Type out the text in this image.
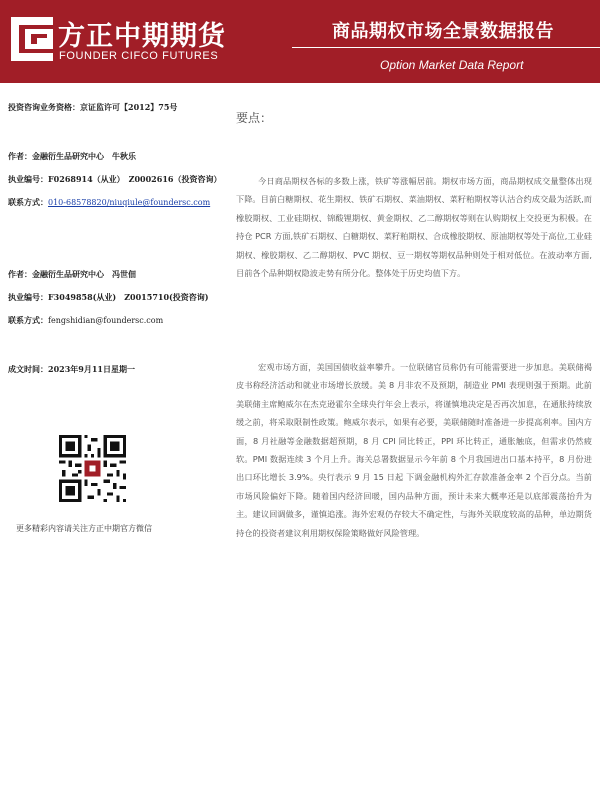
方正中期期货
FOUNDER CIFCO FUTURES
商品期权市场全景数据报告
Option Market Data Report
投资咨询业务资格：京证监许可【2012】75号
作者：金融衍生品研究中心　牛秋乐
执业编号：F0268914（从业）　Z0002616（投资咨询）
联系方式：010-68578820/niuqiule@foundersc.com
作者：金融衍生品研究中心　冯世佃
执业编号：F3049858(从业)　Z0015710(投资咨询)
联系方式：fengshidian@foundersc.com
成文时间：2023年9月11日星期一
更多精彩内容请关注方正中期官方微信
要点：

今日商品期权各标的多数上涨，铁矿等涨幅居前。期权市场方面，商品期权成交量整体出现下降。目前白糖期权、花生期权、铁矿石期权、菜油期权、菜籽粕期权等认沽合约成交最为活跃,而橡胶期权、工业硅期权、锦酸锂期权、黄金期权、乙二醇期权等则在认购期权上交投更为积极。在持仓 PCR 方面,铁矿石期权、白糖期权、菜籽粕期权、合成橡胶期权、原油期权等处于高位,工业硅期权、橡胶期权、乙二醇期权、PVC 期权、豆一期权等期权品种则处于相对低位。在波动率方面,目前各个品种期权隐波走势有所分化。整体处于历史均值下方。

宏观市场方面，美国国债收益率攀升。一位联储官员称仍有可能需要进一步加息。美联储褐皮书称经济活动和就业市场增长放缓。美 8 月非农不及预期，制造业 PMI 表现则强于预期。此前美联储主席鲍威尔在杰克逊霍尔全球央行年会上表示，将谨慎地决定是否再次加息，在通胀持续放缓之前，将采取限制性政策。鲍威尔表示，如果有必要，美联储随时准备进一步提高利率。国内方面，8 月社融等金融数据超预期，8 月 CPI 同比转正，PPI 环比转正，通胀触底，但需求仍然疲软。PMI 数据连续 3 个月上升。海关总署数据显示今年前 8 个月我国进出口基本持平，8 月份进出口环比增长 3.9%。央行表示 9 月 15 日起 下调金融机构外汇存款准备金率 2 个百分点。当前市场风险偏好下降。随着国内经济回暖，国内品种方面，预计未来大概率还是以底部震荡抬升为主。建议回调做多，谨慎追涨。海外宏观仍存较大不确定性，与海外关联度较高的品种，单边期货持仓的投资者建议利用期权保险策略做好风险管理。
